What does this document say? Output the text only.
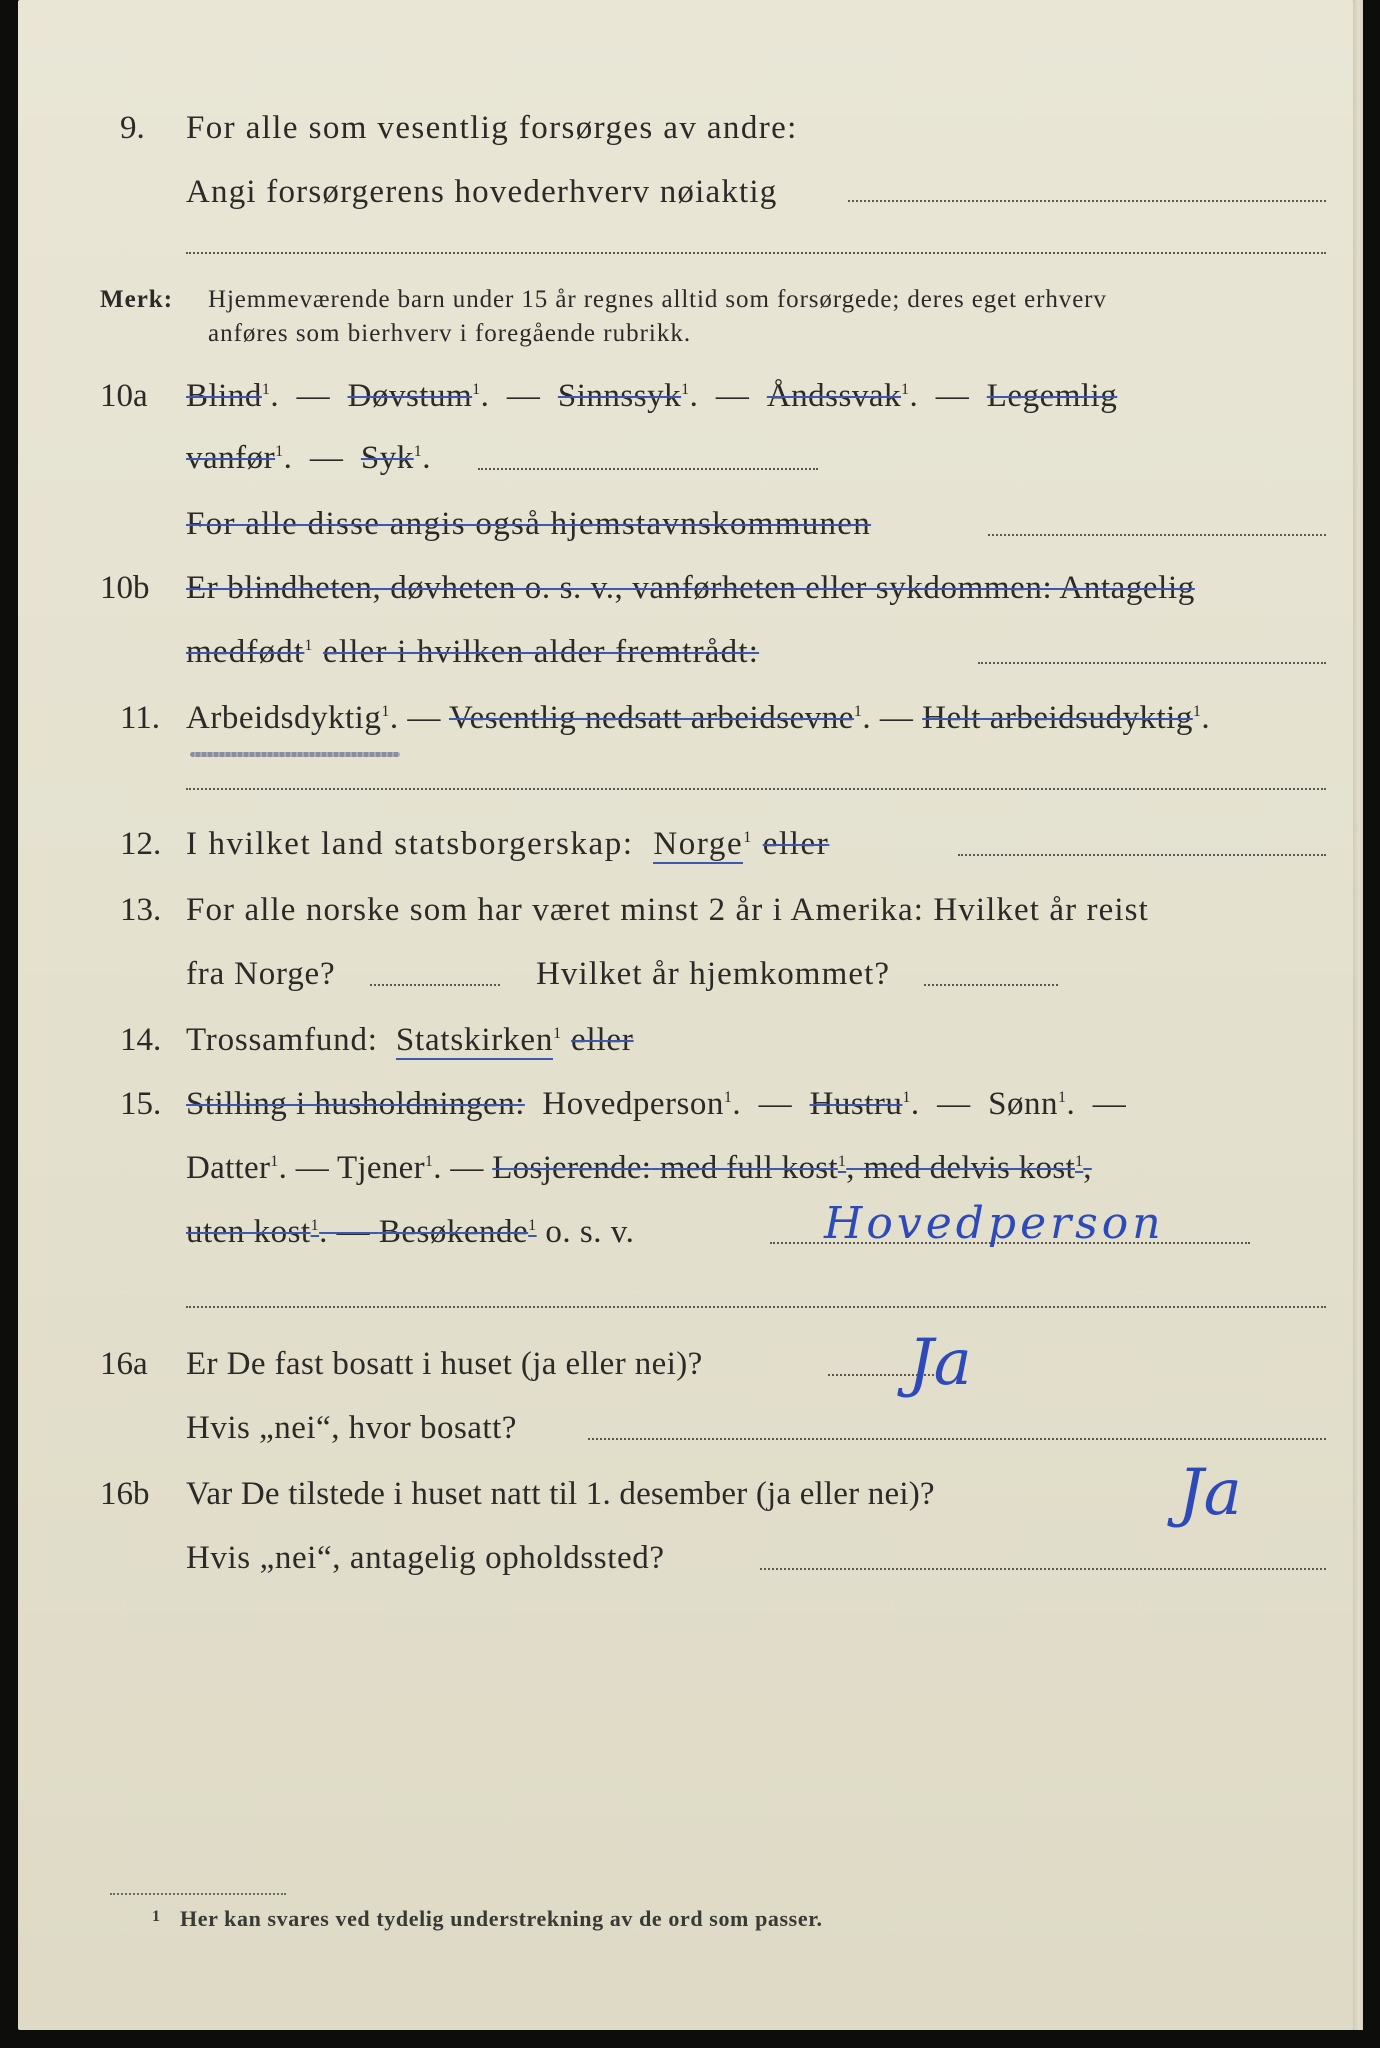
9. For alle som vesentlig forsørges av andre:
Angi forsørgerens hovederhverv nøiaktig
Merk: Hjemmeværende barn under 15 år regnes alltid som forsørgede; deres eget erhverv
anføres som bierhverv i foregående rubrikk.
10a Blind$^1$.  — Døvstum$^1$.  — Sinnssyk$^1$.  — Åndssvak$^1$.  — Legemlig
vanfør$^1$.  — Syk$^1$.
For alle disse angis også hjemstavnskommunen
10b Er blindheten, døvheten o. s. v., vanførheten eller sykdommen: Antagelig
medfødt$^1$ eller i hvilken alder fremtrådt:
11. Arbeidsdyktig$^1$. — Vesentlig nedsatt arbeidsevne$^1$. — Helt arbeidsudyktig$^1$.
12. I hvilket land statsborgerskap: Norge$^1$ eller
13. For alle norske som har været minst 2 år i Amerika: Hvilket år reist
fra Norge?	Hvilket år hjemkommet?
14. Trossamfund: Statskirken$^1$ eller
15. Stilling i husholdningen: Hovedperson$^1$.  — Hustru$^1$.  — Sønn$^1$.  —
Datter$^1$. — Tjener$^1$. — Losjerende: med full kost$^1$, med delvis kost$^1$,
uten kost$^1$. — Besøkende$^1$ o. s. v.	Hovedperson
16a Er De fast bosatt i huset (ja eller nei)?	Ja
Hvis „nei“, hvor bosatt?
16b Var De tilstede i huset natt til 1. desember (ja eller nei)?	Ja
Hvis „nei“, antagelig opholdssted?
1 Her kan svares ved tydelig understrekning av de ord som passer.
